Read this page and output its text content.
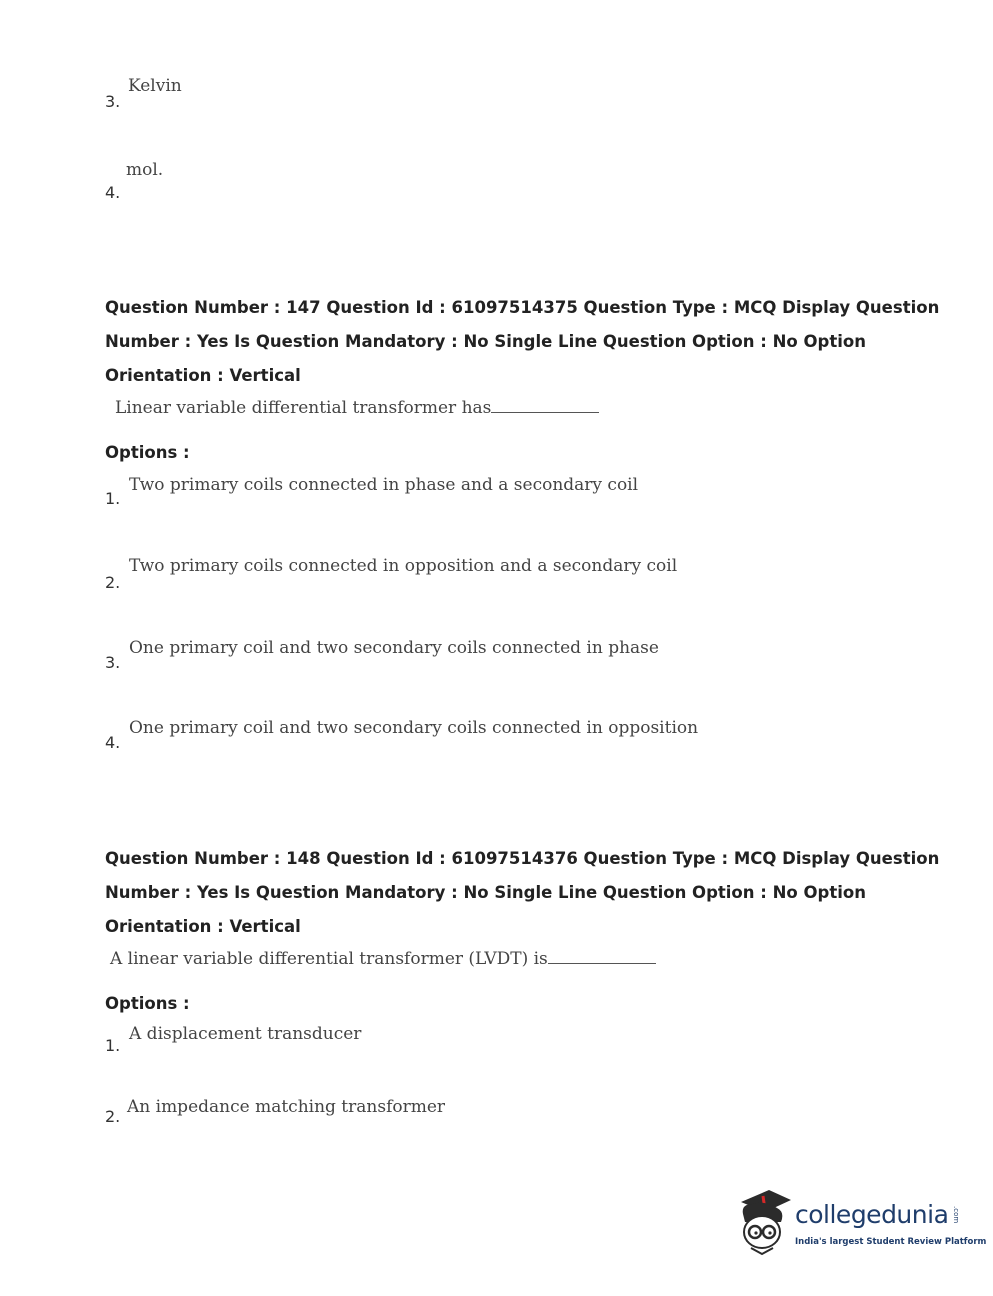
Kelvin
3.
mol.
4.
Question Number : 147 Question Id : 61097514375 Question Type : MCQ Display Question
Number : Yes Is Question Mandatory : No Single Line Question Option : No Option
Orientation : Vertical
Linear variable differential transformer has
Options :
Two primary coils connected in phase and a secondary coil
1.
Two primary coils connected in opposition and a secondary coil
2.
One primary coil and two secondary coils connected in phase
3.
One primary coil and two secondary coils connected in opposition
4.
Question Number : 148 Question Id : 61097514376 Question Type : MCQ Display Question
Number : Yes Is Question Mandatory : No Single Line Question Option : No Option
Orientation : Vertical
A linear variable differential transformer (LVDT) is
Options :
A displacement transducer
1.
An impedance matching transformer
2.
collegedunia .com
India's largest Student Review Platform
